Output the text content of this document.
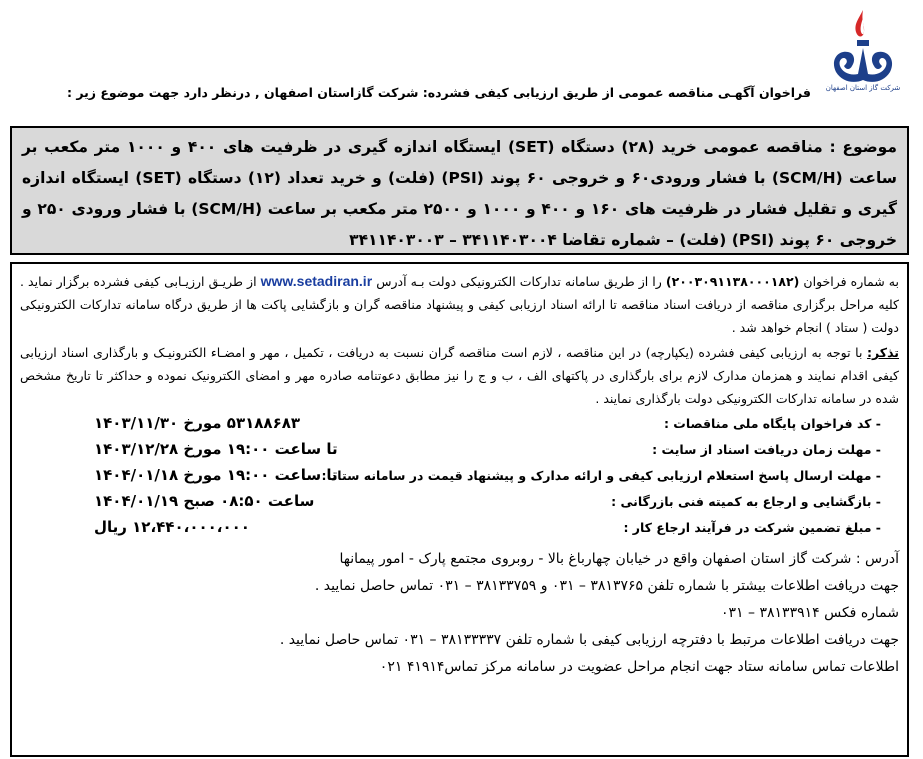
شرکت گاز استان اصفهان
فراخوان آگهـی مناقصه عمومی از طریق ارزیابی کیفی فشرده: شرکت گازاستان اصفهان , درنظر دارد جهت موضوع زیر :

موضوع : مناقصه عمومی خرید (۲۸) دستگاه (SET) ایستگاه اندازه گیری در ظرفیت های ۴۰۰ و ۱۰۰۰ متر مکعب بر ساعت (SCM/H) با فشار ورودی۶۰ و خروجی ۶۰ پوند (PSI) (فلت) و خرید تعداد (۱۲) دستگاه (SET) ایستگاه اندازه گیری و تقلیل فشار در ظرفیت های ۱۶۰ و ۴۰۰ و ۱۰۰۰ و ۲۵۰۰ متر مکعب بر ساعت (SCM/H) با فشار ورودی ۲۵۰ و خروجی ۶۰ پوند (PSI) (فلت) – شماره تقاضا ۳۴۱۱۴۰۳۰۰۴ – ۳۴۱۱۴۰۳۰۰۳

به شماره فراخوان (۲۰۰۳۰۹۱۱۳۸۰۰۰۱۸۲) را از طریق سامانه تدارکات الکترونیکی دولت بـه آدرس www.setadiran.ir از طریـق ارزیـابی کیفی فشرده برگزار نماید . کلیه مراحل برگزاری مناقصه از دریافت اسناد مناقصه تا ارائه اسناد ارزیابی کیفی و پیشنهاد مناقصه گران و بازگشایی پاکت ها از طریق درگاه سامانه تدارکات الکترونیکی دولت ( ستاد ) انجام خواهد شد .

تذکر: با توجه به ارزیابی کیفی فشرده (یکپارچه) در این مناقصه ، لازم است مناقصه گران نسبت به دریافت ، تکمیل ، مهر و امضـاء الکترونیـک و بارگذاری اسناد ارزیابی کیفی اقدام نمایند و همزمان مدارک لازم برای بارگذاری در پاکتهای الف ، ب و ج را نیز مطابق دعوتنامه صادره مهر و امضای الکترونیک نموده و حداکثر تا تاریخ مشخص شده در سامانه تدارکات الکترونیکی دولت بارگذاری نمایند .

- کد فراخوان پایگاه ملی مناقصات :
۵۳۱۸۸۶۸۳ مورخ ۱۴۰۳/۱۱/۳۰
- مهلت زمان دریافت اسناد از سایت :
تا ساعت ۱۹:۰۰ مورخ ۱۴۰۳/۱۲/۲۸
- مهلت ارسال پاسخ استعلام ارزیابی کیفی و ارائه مدارک و پیشنهاد قیمت در سامانه ستاد :
تا ساعت ۱۹:۰۰ مورخ ۱۴۰۴/۰۱/۱۸
- بازگشایی و ارجاع به کمیته فنی بازرگانی :
ساعت ۰۸:۵۰ صبح ۱۴۰۴/۰۱/۱۹
- مبلغ تضمین شرکت در فرآیند ارجاع کار :
۱۲،۴۴۰،۰۰۰،۰۰۰ ریال

آدرس : شرکت گاز استان اصفهان واقع در خیابان چهارباغ بالا - روبروی مجتمع پارک - امور پیمانها

جهت دریافت اطلاعات بیشتر با شماره تلفن ۳۸۱۳۷۶۵ – ۰۳۱ و ۳۸۱۳۳۷۵۹ – ۰۳۱ تماس حاصل نمایید .

شماره فکس ۳۸۱۳۳۹۱۴ – ۰۳۱

جهت دریافت اطلاعات مرتبط با دفترچه ارزیابی کیفی با شماره تلفن ۳۸۱۳۳۳۳۷ – ۰۳۱ تماس حاصل نمایید .

اطلاعات تماس سامانه ستاد جهت انجام مراحل عضویت در سامانه مرکز تماس۴۱۹۱۴ ۰۲۱
